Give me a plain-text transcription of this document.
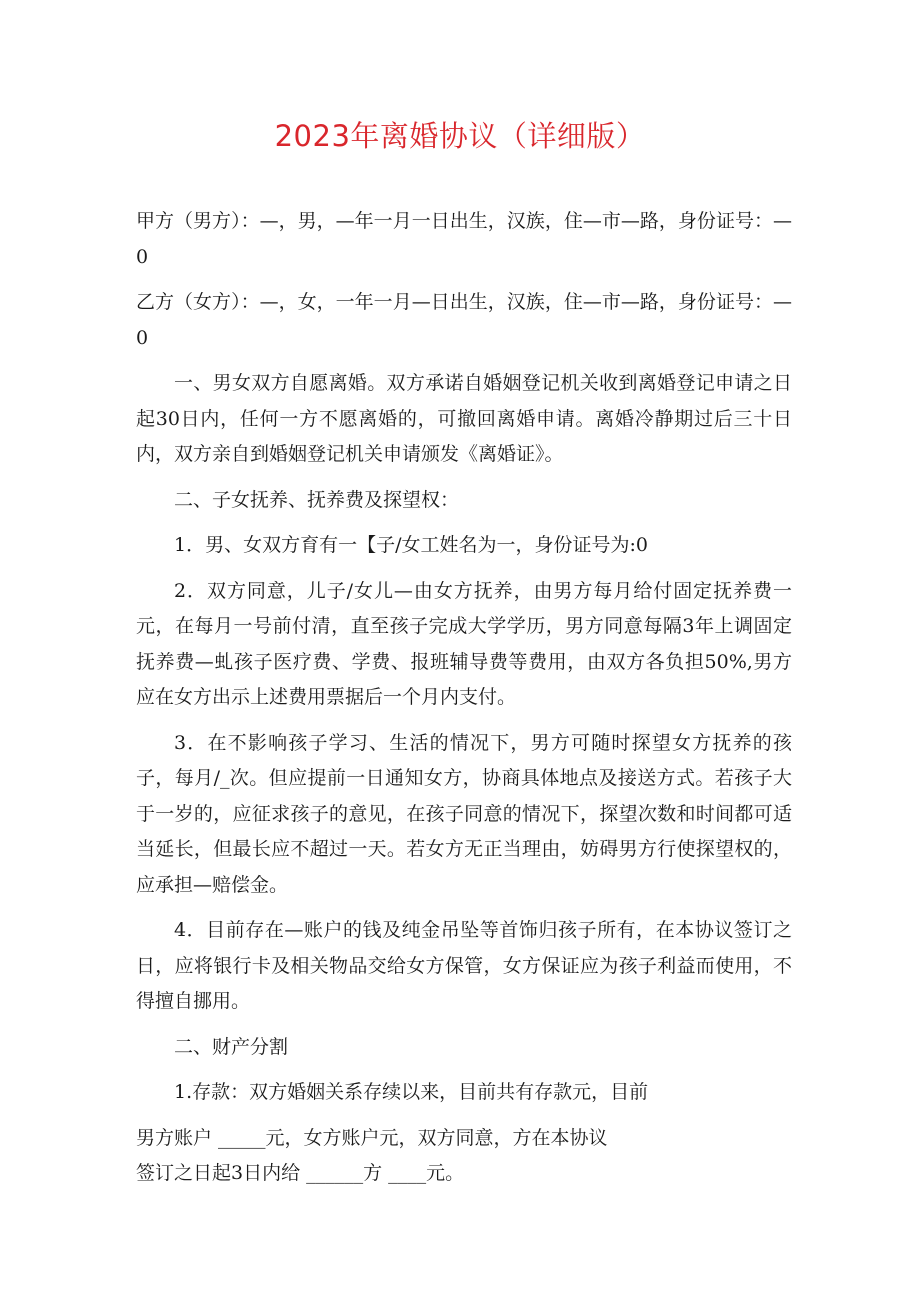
2023年离婚协议（详细版）

甲方（男方）：—，男，—年一月一日出生，汉族，住—市—路，身份证号：—0

乙方（女方）：—，女，一年一月—日出生，汉族，住—市—路，身份证号：—0

一、男女双方自愿离婚。双方承诺自婚姻登记机关收到离婚登记申请之日起30日内，任何一方不愿离婚的，可撤回离婚申请。离婚冷静期过后三十日内，双方亲自到婚姻登记机关申请颁发《离婚证》。

二、子女抚养、抚养费及探望权：

1．男、女双方育有一【子/女工姓名为一，身份证号为:0

2．双方同意，儿子/女儿—由女方抚养，由男方每月给付固定抚养费一元，在每月一号前付清，直至孩子完成大学学历，男方同意每隔3年上调固定抚养费—虬孩子医疗费、学费、报班辅导费等费用，由双方各负担50%,男方应在女方出示上述费用票据后一个月内支付。

3．在不影响孩子学习、生活的情况下，男方可随时探望女方抚养的孩子，每月/_次。但应提前一日通知女方，协商具体地点及接送方式。若孩子大于一岁的，应征求孩子的意见，在孩子同意的情况下，探望次数和时间都可适当延长，但最长应不超过一天。若女方无正当理由，妨碍男方行使探望权的，应承担—赔偿金。

4．目前存在—账户的钱及纯金吊坠等首饰归孩子所有，在本协议签订之日，应将银行卡及相关物品交给女方保管，女方保证应为孩子利益而使用，不得擅自挪用。

二、财产分割

1.存款：双方婚姻关系存续以来，目前共有存款元，目前

男方账户 _____元，女方账户元，双方同意，方在本协议

签订之日起3日内给 ______方 ____元。
